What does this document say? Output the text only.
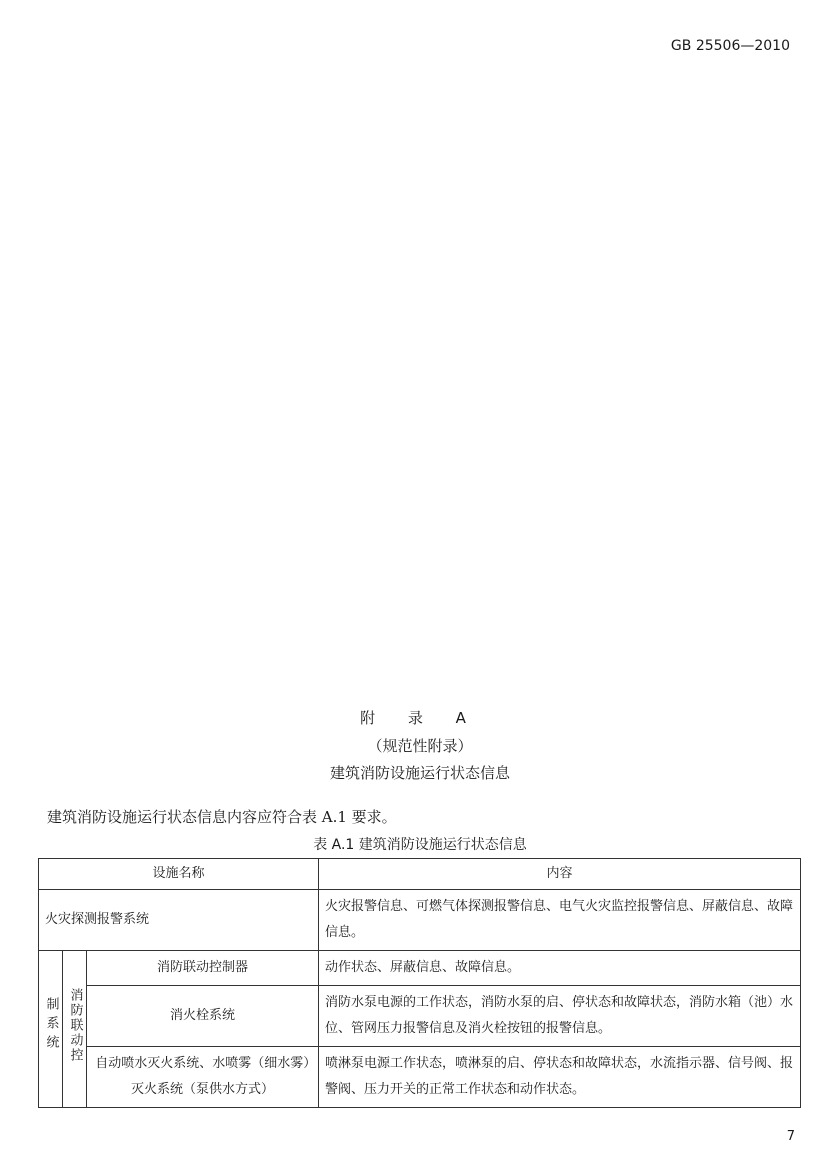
GB 25506—2010
附 录 A
（规范性附录）
建筑消防设施运行状态信息
建筑消防设施运行状态信息内容应符合表 A.1 要求。
表 A.1 建筑消防设施运行状态信息
设施名称			内容
火灾探测报警系统			火灾报警信息、可燃气体探测报警信息、电气火灾监控报警信息、屏蔽信息、故障信息。
制系统	消防联动控	消防联动控制器	动作状态、屏蔽信息、故障信息。
		消火栓系统	消防水泵电源的工作状态，消防水泵的启、停状态和故障状态，消防水箱（池）水位、管网压力报警信息及消火栓按钮的报警信息。
		自动喷水灭火系统、水喷雾（细水雾）灭火系统（泵供水方式）	喷淋泵电源工作状态，喷淋泵的启、停状态和故障状态，水流指示器、信号阀、报警阀、压力开关的正常工作状态和动作状态。
7
